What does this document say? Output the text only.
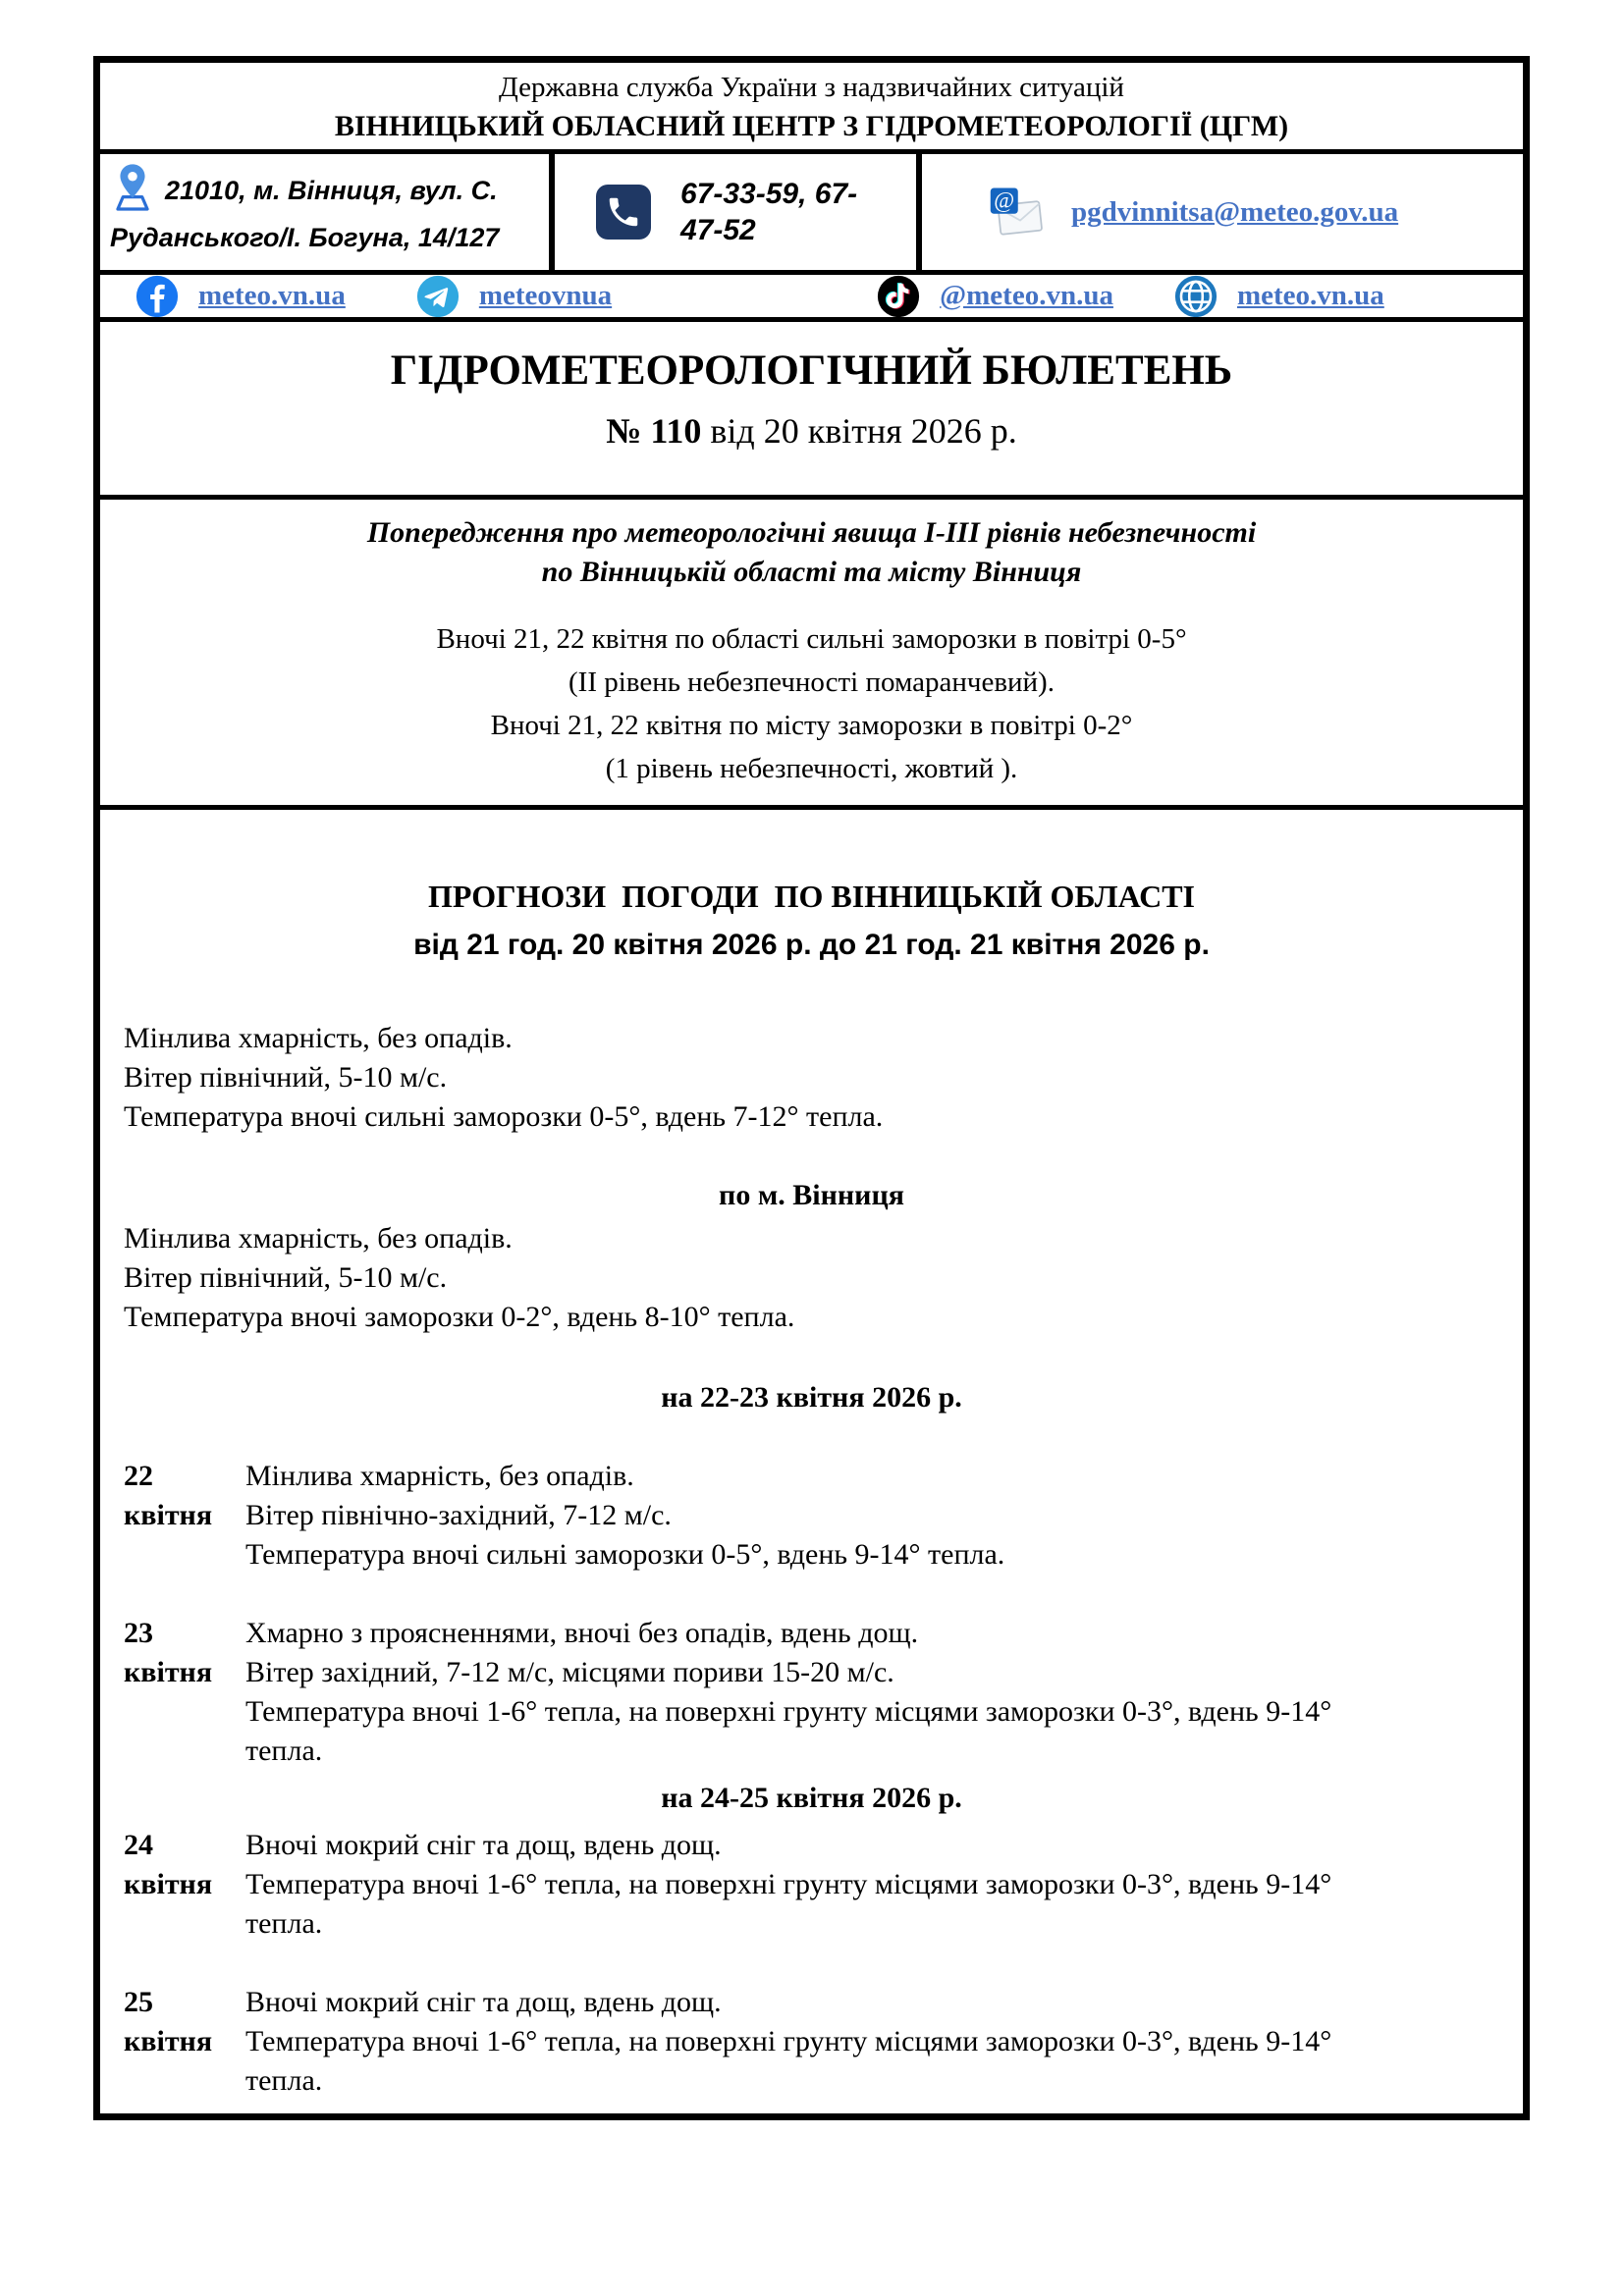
Державна служба України з надзвичайних ситуацій
ВІННИЦЬКИЙ ОБЛАСНИЙ ЦЕНТР З ГІДРОМЕТЕОРОЛОГІЇ (ЦГМ)
21010, м. Вінниця, вул. С. Руданського/І. Богуна, 14/127
67-33-59, 67-47-52
@ pgdvinnitsa@meteo.gov.ua
meteo.vn.ua	meteovnua	@meteo.vn.ua	meteo.vn.ua
ГІДРОМЕТЕОРОЛОГІЧНИЙ БЮЛЕТЕНЬ
№ 110 від 20 квітня 2026 р.
Попередження про метеорологічні явища І-ІІІ рівнів небезпечності
по Вінницькій області та місту Вінниця
Вночі 21, 22 квітня по області сильні заморозки в повітрі 0-5°
(ІІ рівень небезпечності помаранчевий).
Вночі 21, 22 квітня по місту заморозки в повітрі 0-2°
(1 рівень небезпечності, жовтий ).
ПРОГНОЗИ  ПОГОДИ  ПО ВІННИЦЬКІЙ ОБЛАСТІ
від 21 год. 20 квітня 2026 р. до 21 год. 21 квітня 2026 р.
Мінлива хмарність, без опадів.
Вітер північний, 5-10 м/с.
Температура вночі сильні заморозки 0-5°, вдень 7-12° тепла.
по м. Вінниця
Мінлива хмарність, без опадів.
Вітер північний, 5-10 м/с.
Температура вночі заморозки 0-2°, вдень 8-10° тепла.
на 22-23 квітня 2026 р.
22 квітня
Мінлива хмарність, без опадів.
Вітер північно-західний, 7-12 м/с.
Температура вночі сильні заморозки 0-5°, вдень 9-14° тепла.
23 квітня
Хмарно з проясненнями, вночі без опадів, вдень дощ.
Вітер західний, 7-12 м/с, місцями пориви 15-20 м/с.
Температура вночі 1-6° тепла, на поверхні грунту місцями заморозки 0-3°, вдень 9-14° тепла.
на 24-25 квітня 2026 р.
24 квітня
Вночі мокрий сніг та дощ, вдень дощ.
Температура вночі 1-6° тепла, на поверхні грунту місцями заморозки 0-3°, вдень 9-14° тепла.
25 квітня
Вночі мокрий сніг та дощ, вдень дощ.
Температура вночі 1-6° тепла, на поверхні грунту місцями заморозки 0-3°, вдень 9-14° тепла.
